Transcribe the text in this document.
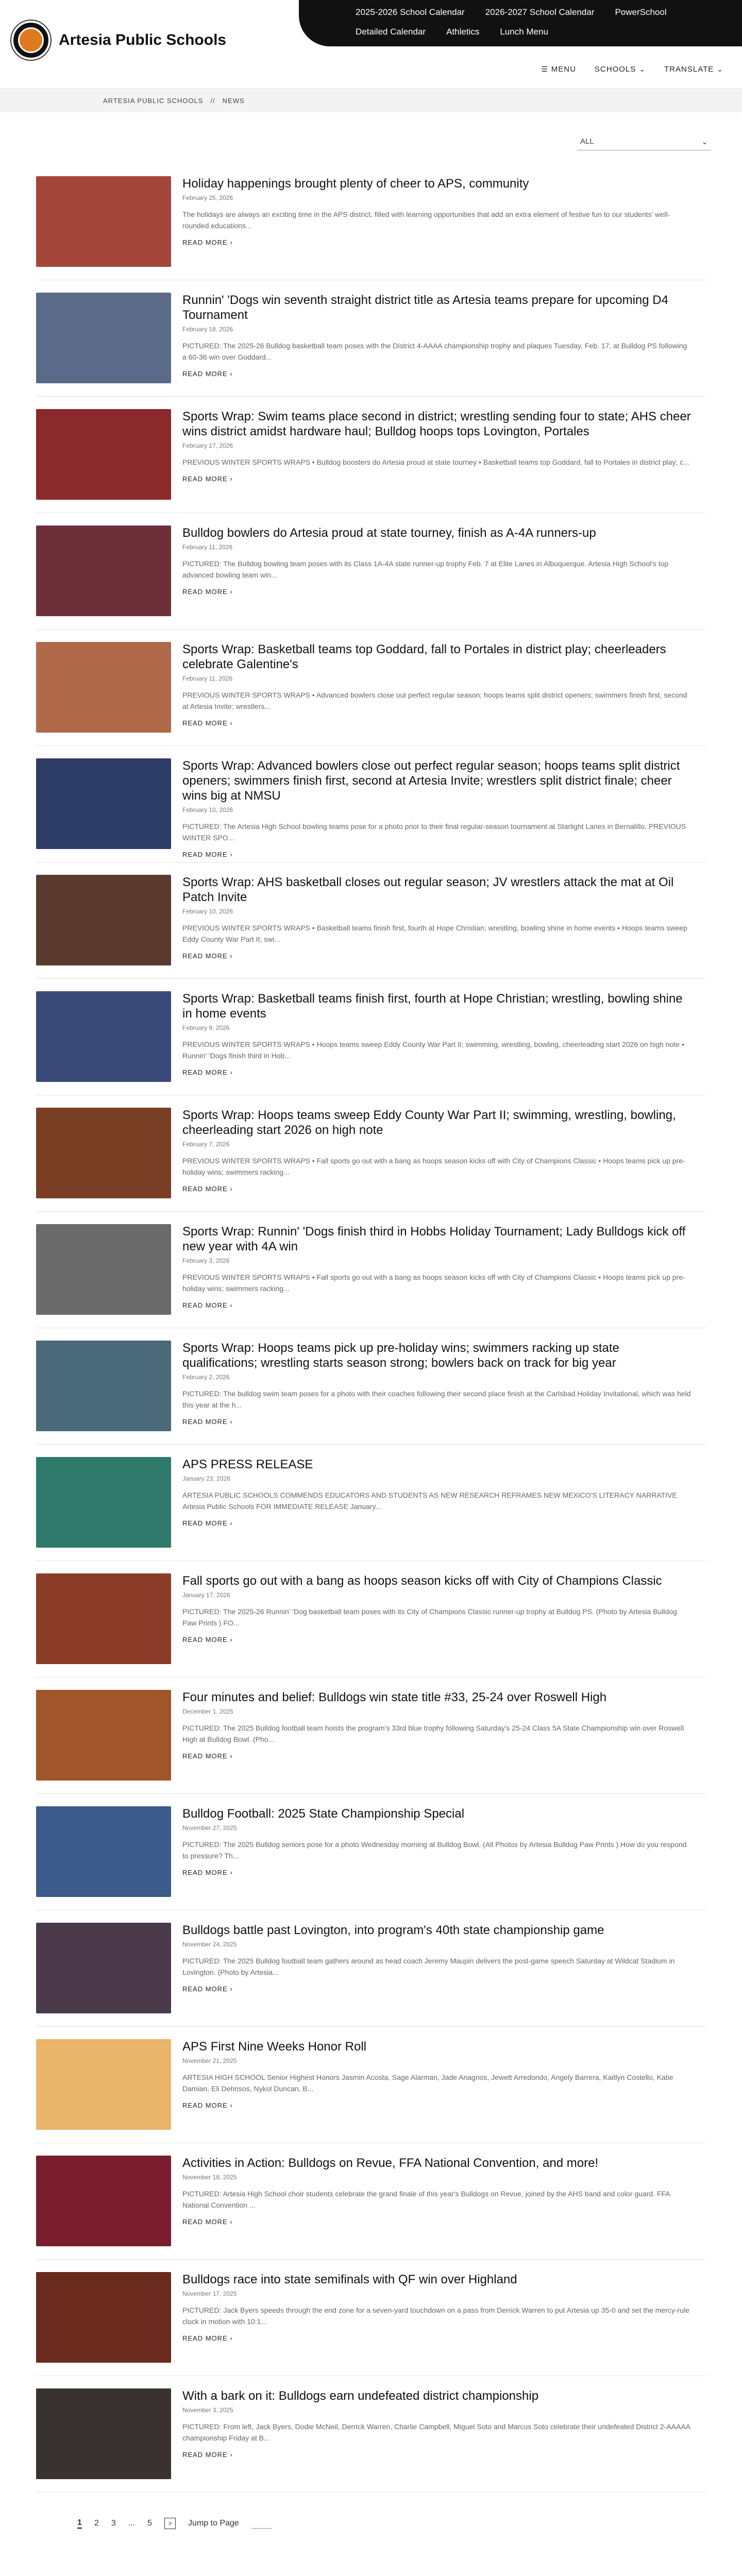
2025-2026 School Calendar 2026-2027 School Calendar PowerSchool
Detailed Calendar Athletics Lunch Menu
Artesia Public Schools
☰ MENU SCHOOLS ⌄ TRANSLATE ⌄
ARTESIA PUBLIC SCHOOLS // NEWS
ALL	⌄
Holiday happenings brought plenty of cheer to APS, community
February 25, 2026
The holidays are always an exciting time in the APS district, filled with learning opportunities that add an extra element of festive fun to our students' well-rounded educations...
READ MORE ›
Runnin' 'Dogs win seventh straight district title as Artesia teams prepare for upcoming D4 Tournament
February 18, 2026
PICTURED: The 2025-26 Bulldog basketball team poses with the District 4-AAAA championship trophy and plaques Tuesday, Feb. 17, at Bulldog PS following a 60-36 win over Goddard...
READ MORE ›
Sports Wrap: Swim teams place second in district; wrestling sending four to state; AHS cheer wins district amidst hardware haul; Bulldog hoops tops Lovington, Portales
February 17, 2026
PREVIOUS WINTER SPORTS WRAPS • Bulldog boosters do Artesia proud at state tourney • Basketball teams top Goddard, fall to Portales in district play; c...
READ MORE ›
Bulldog bowlers do Artesia proud at state tourney, finish as A-4A runners-up
February 11, 2026
PICTURED: The Bulldog bowling team poses with its Class 1A-4A state runner-up trophy Feb. 7 at Elite Lanes in Albuquerque. Artesia High School's top advanced bowling team win...
READ MORE ›
Sports Wrap: Basketball teams top Goddard, fall to Portales in district play; cheerleaders celebrate Galentine's
February 11, 2026
PREVIOUS WINTER SPORTS WRAPS • Advanced bowlers close out perfect regular season; hoops teams split district openers; swimmers finish first, second at Artesia Invite; wrestlers...
READ MORE ›
Sports Wrap: Advanced bowlers close out perfect regular season; hoops teams split district openers; swimmers finish first, second at Artesia Invite; wrestlers split district finale; cheer wins big at NMSU
February 10, 2026
PICTURED: The Artesia High School bowling teams pose for a photo prior to their final regular-season tournament at Starlight Lanes in Bernalillo. PREVIOUS WINTER SPO...
READ MORE ›
Sports Wrap: AHS basketball closes out regular season; JV wrestlers attack the mat at Oil Patch Invite
February 10, 2026
PREVIOUS WINTER SPORTS WRAPS • Basketball teams finish first, fourth at Hope Christian; wrestling, bowling shine in home events • Hoops teams sweep Eddy County War Part II; swi...
READ MORE ›
Sports Wrap: Basketball teams finish first, fourth at Hope Christian; wrestling, bowling shine in home events
February 9, 2026
PREVIOUS WINTER SPORTS WRAPS • Hoops teams sweep Eddy County War Part II; swimming, wrestling, bowling, cheerleading start 2026 on high note • Runnin' 'Dogs finish third in Hob...
READ MORE ›
Sports Wrap: Hoops teams sweep Eddy County War Part II; swimming, wrestling, bowling, cheerleading start 2026 on high note
February 7, 2026
PREVIOUS WINTER SPORTS WRAPS • Fall sports go out with a bang as hoops season kicks off with City of Champions Classic • Hoops teams pick up pre-holiday wins; swimmers racking...
READ MORE ›
Sports Wrap: Runnin' 'Dogs finish third in Hobbs Holiday Tournament; Lady Bulldogs kick off new year with 4A win
February 3, 2026
PREVIOUS WINTER SPORTS WRAPS • Fall sports go out with a bang as hoops season kicks off with City of Champions Classic • Hoops teams pick up pre-holiday wins; swimmers racking...
READ MORE ›
Sports Wrap: Hoops teams pick up pre-holiday wins; swimmers racking up state qualifications; wrestling starts season strong; bowlers back on track for big year
February 2, 2026
PICTURED: The bulldog swim team poses for a photo with their coaches following their second place finish at the Carlsbad Holiday Invitational, which was held this year at the h...
READ MORE ›
APS PRESS RELEASE
January 23, 2026
ARTESIA PUBLIC SCHOOLS COMMENDS EDUCATORS AND STUDENTS AS NEW RESEARCH REFRAMES NEW MEXICO'S LITERACY NARRATIVE Artesia Public Schools FOR IMMEDIATE RELEASE January...
READ MORE ›
Fall sports go out with a bang as hoops season kicks off with City of Champions Classic
January 17, 2026
PICTURED: The 2025-26 Runnin' 'Dog basketball team poses with its City of Champions Classic runner-up trophy at Bulldog PS. (Photo by Artesia Bulldog Paw Prints ) FO...
READ MORE ›
Four minutes and belief: Bulldogs win state title #33, 25-24 over Roswell High
December 1, 2025
PICTURED: The 2025 Bulldog football team hoists the program's 33rd blue trophy following Saturday's 25-24 Class 5A State Championship win over Roswell High at Bulldog Bowl. (Pho...
READ MORE ›
Bulldog Football: 2025 State Championship Special
November 27, 2025
PICTURED: The 2025 Bulldog seniors pose for a photo Wednesday morning at Bulldog Bowl. (All Photos by Artesia Bulldog Paw Prints ) How do you respond to pressure? Th...
READ MORE ›
Bulldogs battle past Lovington, into program's 40th state championship game
November 24, 2025
PICTURED: The 2025 Bulldog football team gathers around as head coach Jeremy Maupin delivers the post-game speech Saturday at Wildcat Stadium in Lovington. (Photo by Artesia...
READ MORE ›
APS First Nine Weeks Honor Roll
November 21, 2025
ARTESIA HIGH SCHOOL Senior Highest Honors Jasmin Acosta, Sage Alarman, Jade Anagnos, Jewett Arredondo, Angely Barrera, Kaitlyn Costello, Katie Damian, Eli Dehnsos, Nykol Duncan, B...
READ MORE ›
Activities in Action: Bulldogs on Revue, FFA National Convention, and more!
November 18, 2025
PICTURED: Artesia High School choir students celebrate the grand finale of this year's Bulldogs on Revue, joined by the AHS band and color guard. FFA National Convention ...
READ MORE ›
Bulldogs race into state semifinals with QF win over Highland
November 17, 2025
PICTURED: Jack Byers speeds through the end zone for a seven-yard touchdown on a pass from Derrick Warren to put Artesia up 35-0 and set the mercy-rule clock in motion with 10:1...
READ MORE ›
With a bark on it: Bulldogs earn undefeated district championship
November 3, 2025
PICTURED: From left, Jack Byers, Dodie McNeil, Derrick Warren, Charlie Campbell, Miguel Soto and Marcus Soto celebrate their undefeated District 2-AAAAA championship Friday at B...
READ MORE ›
1 2 3 ... 5	>	Jump to Page
